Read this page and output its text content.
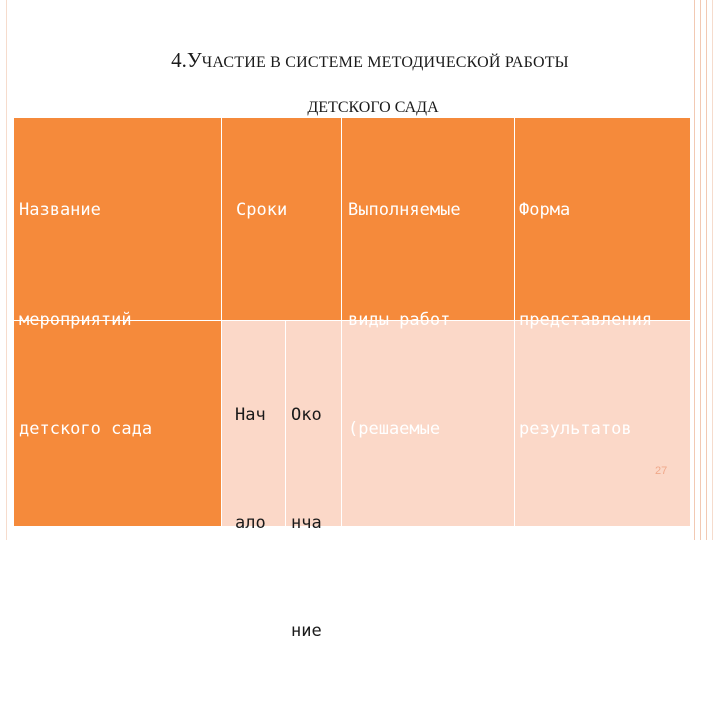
4.УЧАСТИЕ В СИСТЕМЕ МЕТОДИЧЕСКОЙ РАБОТЫ
ДЕТСКОГО САДА

Название

мероприятий

детского сада

Сроки

	Выполняемые

виды работ

(решаемые

задачи)

Форма

представления

результатов

работы

Нач

ало

Око

нча

ние

27
